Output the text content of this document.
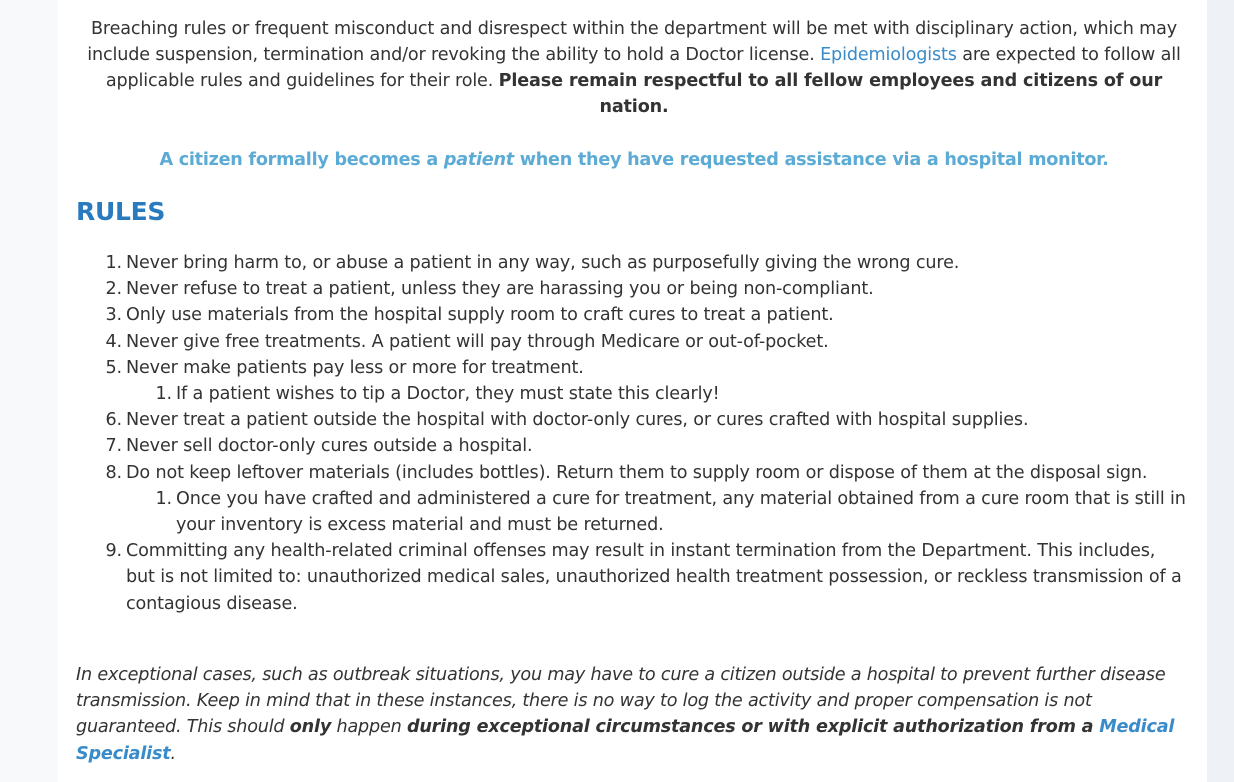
Breaching rules or frequent misconduct and disrespect within the department will be met with disciplinary action, which may include suspension, termination and/or revoking the ability to hold a Doctor license. Epidemiologists are expected to follow all applicable rules and guidelines for their role. Please remain respectful to all fellow employees and citizens of our nation.

A citizen formally becomes a patient when they have requested assistance via a hospital monitor.

RULES
1. Never bring harm to, or abuse a patient in any way, such as purposefully giving the wrong cure.
2. Never refuse to treat a patient, unless they are harassing you or being non-compliant.
3. Only use materials from the hospital supply room to craft cures to treat a patient.
4. Never give free treatments. A patient will pay through Medicare or out-of-pocket.
5. Never make patients pay less or more for treatment.
1. If a patient wishes to tip a Doctor, they must state this clearly!
6. Never treat a patient outside the hospital with doctor-only cures, or cures crafted with hospital supplies.
7. Never sell doctor-only cures outside a hospital.
8. Do not keep leftover materials (includes bottles). Return them to supply room or dispose of them at the disposal sign.
1. Once you have crafted and administered a cure for treatment, any material obtained from a cure room that is still in your inventory is excess material and must be returned.
9. Committing any health-related criminal offenses may result in instant termination from the Department. This includes, but is not limited to: unauthorized medical sales, unauthorized health treatment possession, or reckless transmission of a contagious disease.

In exceptional cases, such as outbreak situations, you may have to cure a citizen outside a hospital to prevent further disease transmission. Keep in mind that in these instances, there is no way to log the activity and proper compensation is not guaranteed. This should only happen during exceptional circumstances or with explicit authorization from a Medical Specialist.
